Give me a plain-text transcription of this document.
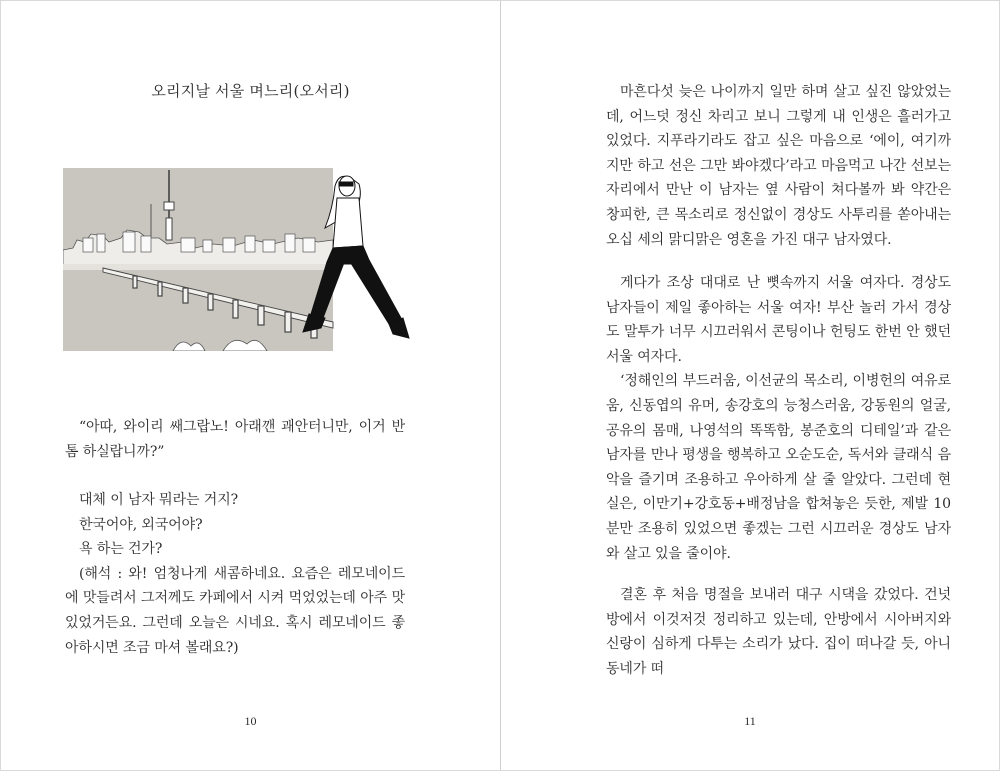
오리지날 서울 며느리(오서리)

“아따, 와이리 쌔그랍노! 아래깬 괘안터니만, 이거 반톰 하실랍니까?”

대체 이 남자 뭐라는 거지?

한국어야, 외국어야?

욕 하는 건가?

(해석 : 와! 엄청나게 새콤하네요. 요즘은 레모네이드에 맛들려서 그저께도 카페에서 시켜 먹었었는데 아주 맛있었거든요. 그런데 오늘은 시네요. 혹시 레모네이드 좋아하시면 조금 마셔 볼래요?)

10

마흔다섯 늦은 나이까지 일만 하며 살고 싶진 않았었는데, 어느덧 정신 차리고 보니 그렇게 내 인생은 흘러가고 있었다. 지푸라기라도 잡고 싶은 마음으로 ‘에이, 여기까지만 하고 선은 그만 봐야겠다’라고 마음먹고 나간 선보는 자리에서 만난 이 남자는 옆 사람이 쳐다볼까 봐 약간은 창피한, 큰 목소리로 정신없이 경상도 사투리를 쏟아내는 오십 세의 맑디맑은 영혼을 가진 대구 남자였다.

게다가 조상 대대로 난 뼛속까지 서울 여자다. 경상도 남자들이 제일 좋아하는 서울 여자! 부산 놀러 가서 경상도 말투가 너무 시끄러워서 콘팅이나 헌팅도 한번 안 했던 서울 여자다.

‘정해인의 부드러움, 이선균의 목소리, 이병헌의 여유로움, 신동엽의 유머, 송강호의 능청스러움, 강동원의 얼굴, 공유의 몸매, 나영석의 똑똑함, 봉준호의 디테일’과 같은 남자를 만나 평생을 행복하고 오순도순, 독서와 클래식 음악을 즐기며 조용하고 우아하게 살 줄 알았다. 그런데 현실은, 이만기+강호동+배정남을 합쳐놓은 듯한, 제발 10분만 조용히 있었으면 좋겠는 그런 시끄러운 경상도 남자와 살고 있을 줄이야.

결혼 후 처음 명절을 보내러 대구 시댁을 갔었다. 건넛방에서 이것저것 정리하고 있는데, 안방에서 시아버지와 신랑이 심하게 다투는 소리가 났다. 집이 떠나갈 듯, 아니 동네가 떠

11
